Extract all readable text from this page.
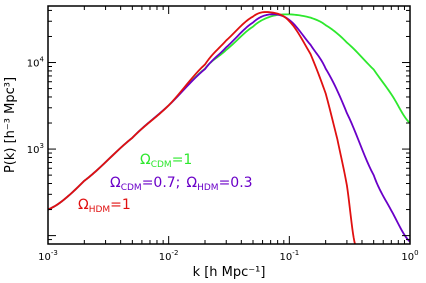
$10^{-3}$	$10^{-2}$	$10^{-1}$	$10^0$
$10^3$
$10^4$
k [h Mpc⁻¹]
P(k) [h⁻³ Mpc³]	$\Omega_{CDM}=1$
$\Omega_{CDM}=0.7$; $\Omega_{HDM}=0.3$
$\Omega_{HDM}=1$
